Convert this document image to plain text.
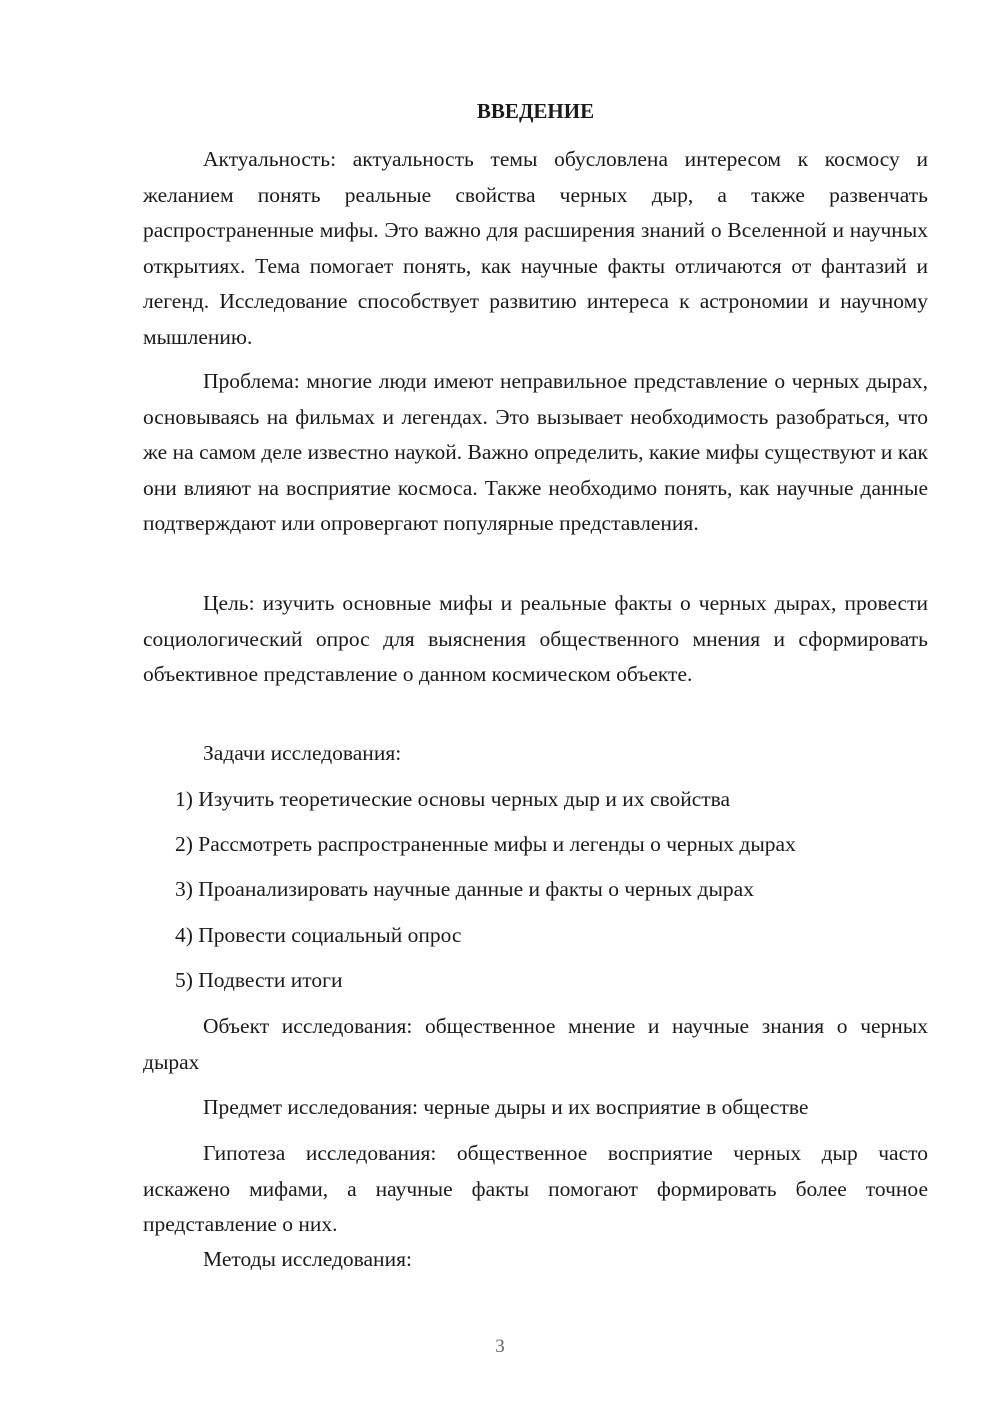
ВВЕДЕНИЕ

Актуальность: актуальность темы обусловлена интересом к космосу и желанием понять реальные свойства черных дыр, а также развенчать распространенные мифы. Это важно для расширения знаний о Вселенной и научных открытиях. Тема помогает понять, как научные факты отличаются от фантазий и легенд. Исследование способствует развитию интереса к астрономии и научному мышлению.

Проблема: многие люди имеют неправильное представление о черных дырах, основываясь на фильмах и легендах. Это вызывает необходимость разобраться, что же на самом деле известно наукой. Важно определить, какие мифы существуют и как они влияют на восприятие космоса. Также необходимо понять, как научные данные подтверждают или опровергают популярные представления.

Цель: изучить основные мифы и реальные факты о черных дырах, провести социологический опрос для выяснения общественного мнения и сформировать объективное представление о данном космическом объекте.

Задачи исследования:

1) Изучить теоретические основы черных дыр и их свойства

2) Рассмотреть распространенные мифы и легенды о черных дырах

3) Проанализировать научные данные и факты о черных дырах

4) Провести социальный опрос

5) Подвести итоги

Объект исследования: общественное мнение и научные знания о черных дырах

Предмет исследования: черные дыры и их восприятие в обществе

Гипотеза исследования: общественное восприятие черных дыр часто искажено мифами, а научные факты помогают формировать более точное представление о них.

Методы исследования:

3
